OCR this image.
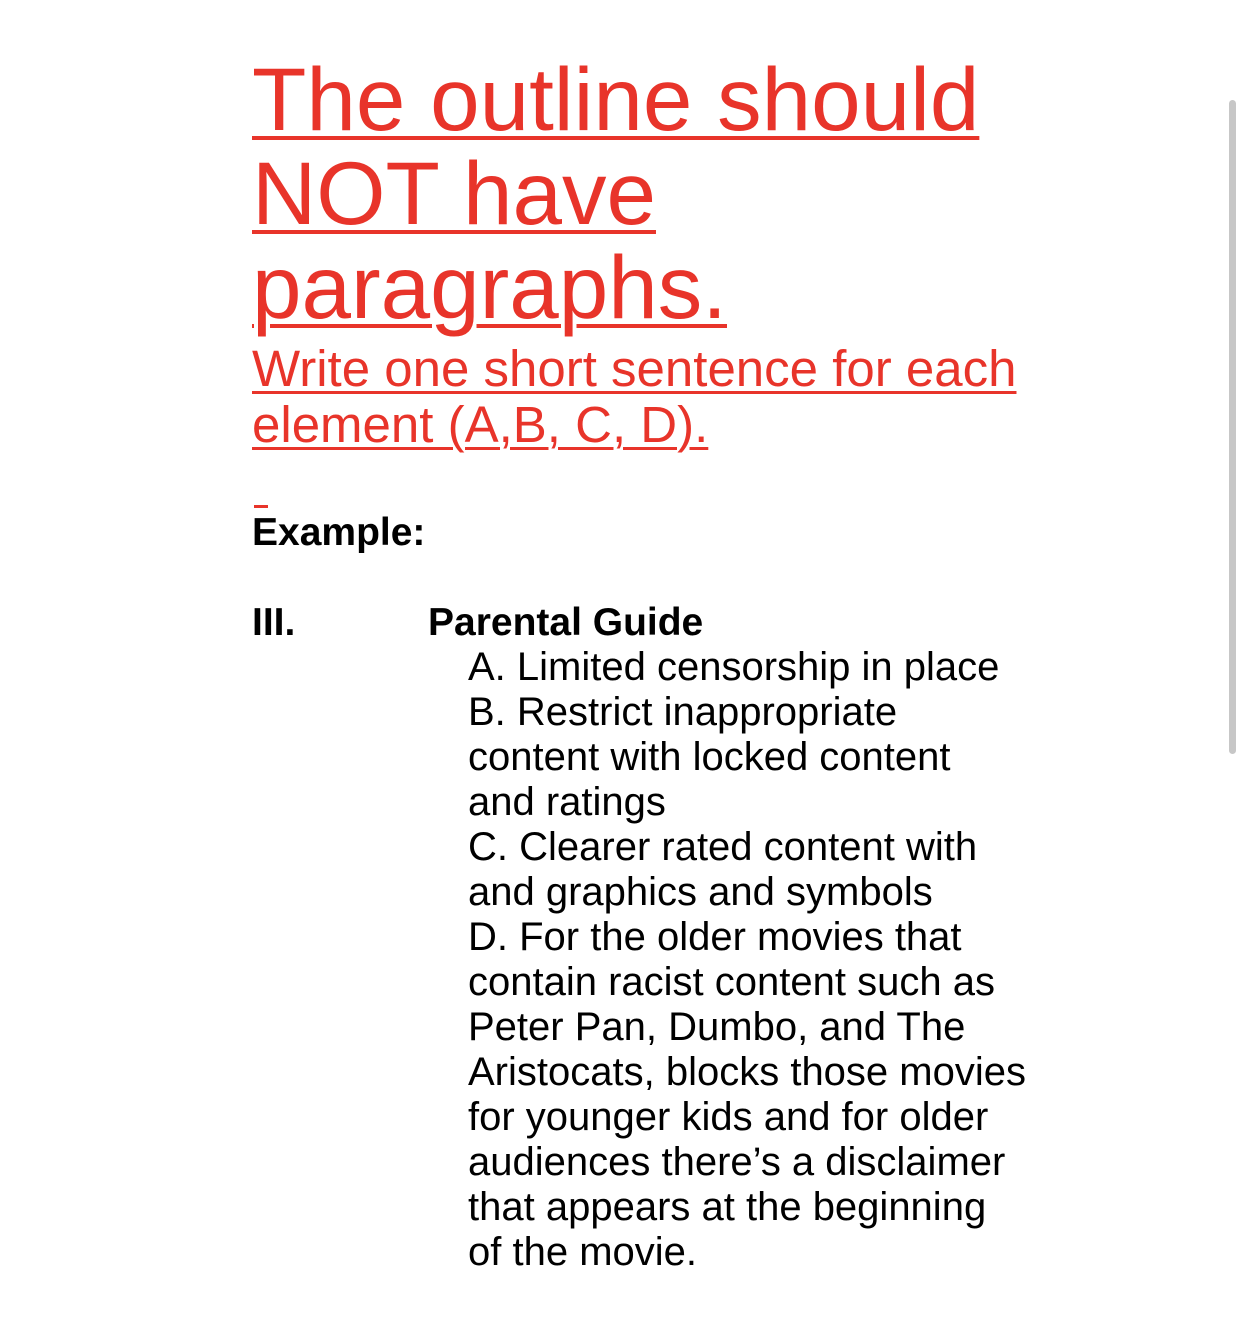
The outline should NOT have paragraphs.

Write one short sentence for each element (A,B, C, D).

Example:

III.	Parental Guide
A. Limited censorship in place
B. Restrict inappropriate content with locked content and ratings
C. Clearer rated content with and graphics and symbols
D. For the older movies that contain racist content such as Peter Pan, Dumbo, and The Aristocats, blocks those movies for younger kids and for older audiences there’s a disclaimer that appears at the beginning of the movie.
